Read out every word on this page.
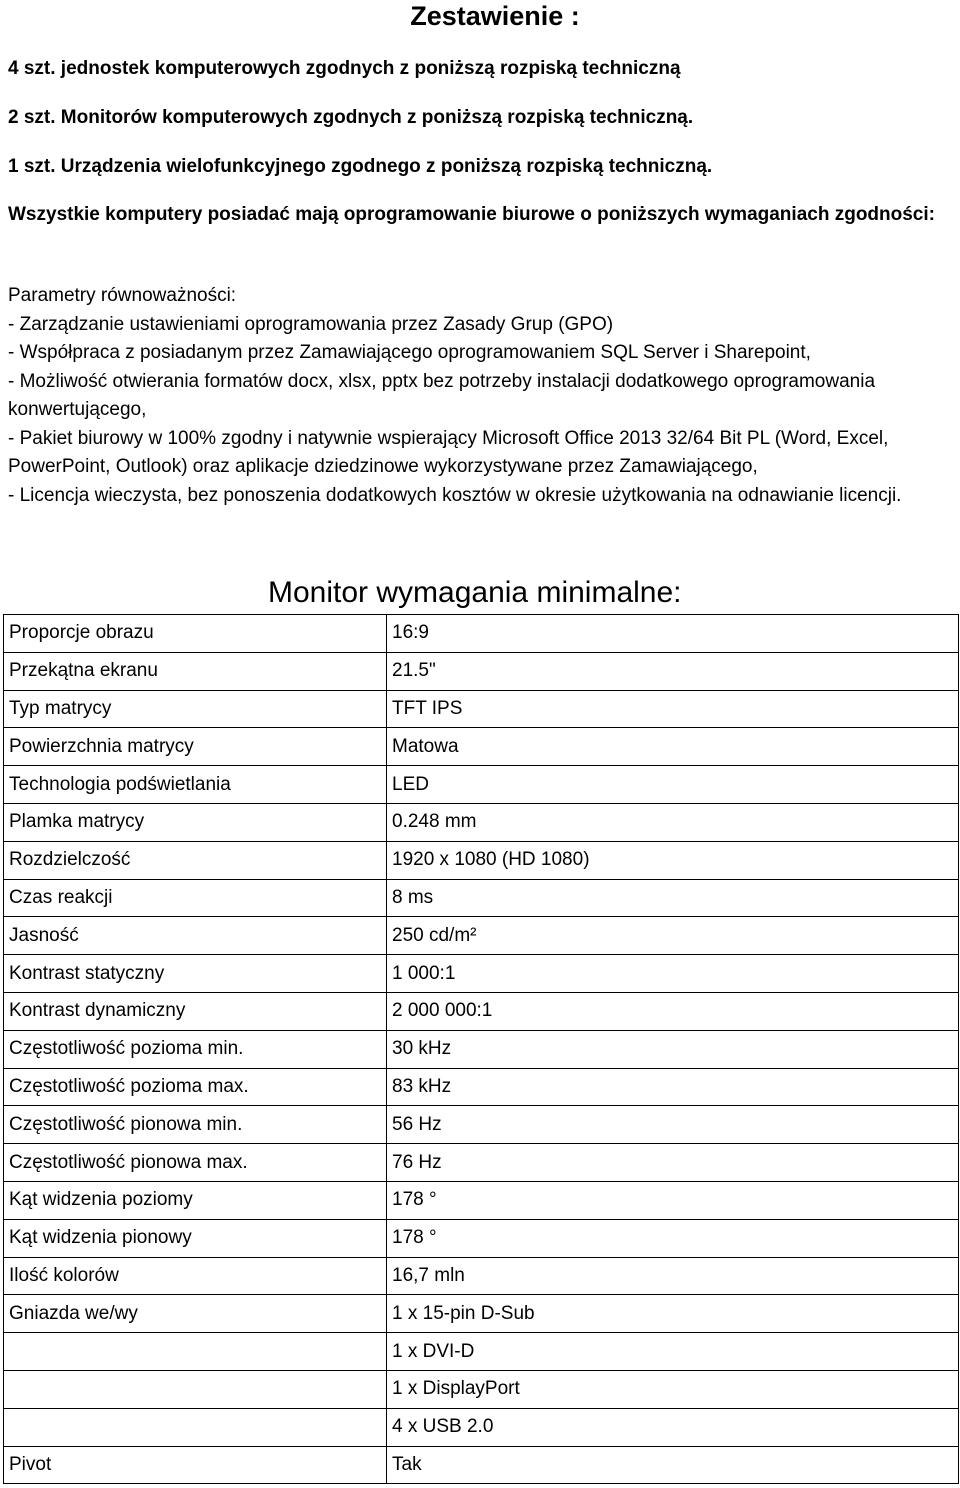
Zestawienie :
4 szt. jednostek komputerowych zgodnych z poniższą rozpiską techniczną
2 szt. Monitorów komputerowych zgodnych z poniższą rozpiską techniczną.
1 szt. Urządzenia wielofunkcyjnego zgodnego z poniższą rozpiską techniczną.

Wszystkie komputery posiadać mają oprogramowanie biurowe o poniższych wymaganiach zgodności:

Parametry równoważności:

- Zarządzanie ustawieniami oprogramowania przez Zasady Grup (GPO)

- Współpraca z posiadanym przez Zamawiającego oprogramowaniem SQL Server i Sharepoint,

- Możliwość otwierania formatów docx, xlsx, pptx bez potrzeby instalacji dodatkowego oprogramowania konwertującego,

- Pakiet biurowy w 100% zgodny i natywnie wspierający Microsoft Office 2013 32/64 Bit PL (Word, Excel, PowerPoint, Outlook) oraz aplikacje dziedzinowe wykorzystywane przez Zamawiającego,

- Licencja wieczysta, bez ponoszenia dodatkowych kosztów w okresie użytkowania na odnawianie licencji.

Monitor wymagania minimalne:
Proporcje obrazu	16:9
Przekątna ekranu	21.5"
Typ matrycy	TFT IPS
Powierzchnia matrycy	Matowa
Technologia podświetlania	LED
Plamka matrycy	0.248 mm
Rozdzielczość	1920 x 1080 (HD 1080)
Czas reakcji	8 ms
Jasność	250 cd/m²
Kontrast statyczny	1 000:1
Kontrast dynamiczny	2 000 000:1
Częstotliwość pozioma min.	30 kHz
Częstotliwość pozioma max.	83 kHz
Częstotliwość pionowa min.	56 Hz
Częstotliwość pionowa max.	76 Hz
Kąt widzenia poziomy	178 °
Kąt widzenia pionowy	178 °
Ilość kolorów	16,7 mln
Gniazda we/wy	1 x 15-pin D-Sub
	1 x DVI-D
	1 x DisplayPort
	4 x USB 2.0
Pivot	Tak
